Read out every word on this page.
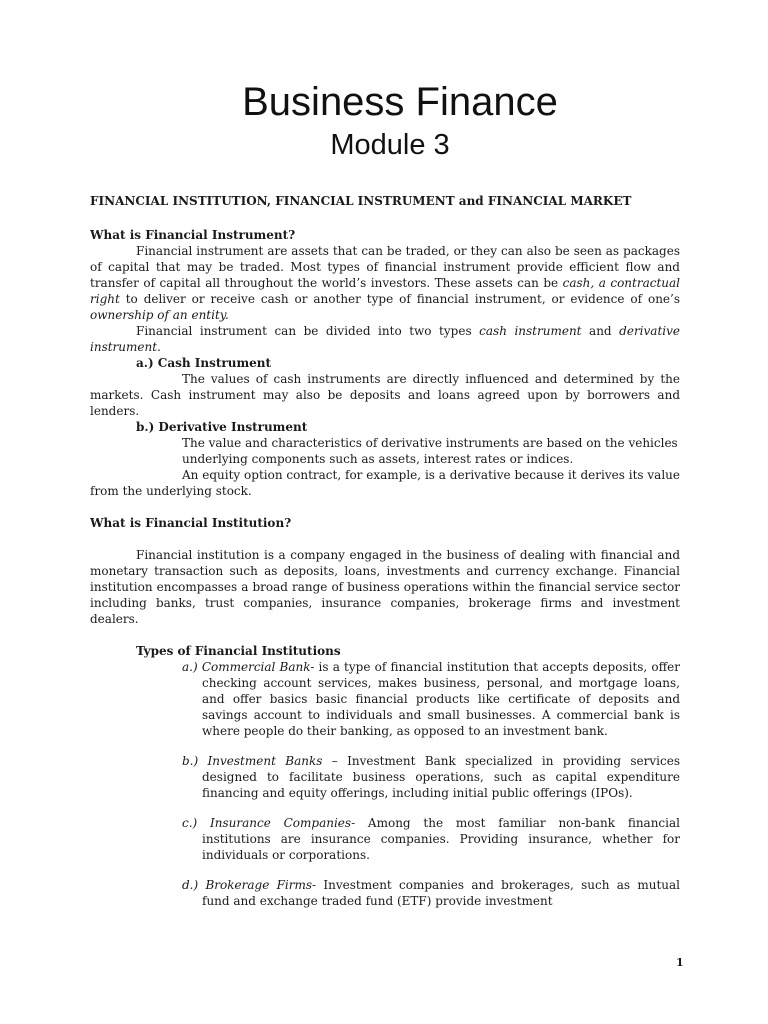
Business Finance
Module 3

FINANCIAL INSTITUTION, FINANCIAL INSTRUMENT and FINANCIAL MARKET

What is Financial Instrument?

Financial instrument are assets that can be traded, or they can also be seen as packages of capital that may be traded. Most types of financial instrument provide efficient flow and transfer of capital all throughout the world’s investors. These assets can be cash, a contractual right to deliver or receive cash or another type of financial instrument, or evidence of one’s ownership of an entity.

Financial instrument can be divided into two types cash instrument and derivative instrument.

a.) Cash Instrument

The values of cash instruments are directly influenced and determined by the markets. Cash instrument may also be deposits and loans agreed upon by borrowers and lenders.

b.) Derivative Instrument

The value and characteristics of derivative instruments are based on the vehicles underlying components such as assets, interest rates or indices.

An equity option contract, for example, is a derivative because it derives its value from the underlying stock.

What is Financial Institution?

Financial institution is a company engaged in the business of dealing with financial and monetary transaction such as deposits, loans, investments and currency exchange. Financial institution encompasses a broad range of business operations within the financial service sector including banks, trust companies, insurance companies, brokerage firms and investment dealers.

Types of Financial Institutions

a.) Commercial Bank- is a type of financial institution that accepts deposits, offer checking account services, makes business, personal, and mortgage loans, and offer basics basic financial products like certificate of deposits and savings account to individuals and small businesses. A commercial bank is where people do their banking, as opposed to an investment bank.

b.) Investment Banks – Investment Bank specialized in providing services designed to facilitate business operations, such as capital expenditure financing and equity offerings, including initial public offerings (IPOs).

c.) Insurance Companies- Among the most familiar non-bank financial institutions are insurance companies. Providing insurance, whether for individuals or corporations.

d.) Brokerage Firms- Investment companies and brokerages, such as mutual fund and exchange traded fund (ETF) provide investment

1
